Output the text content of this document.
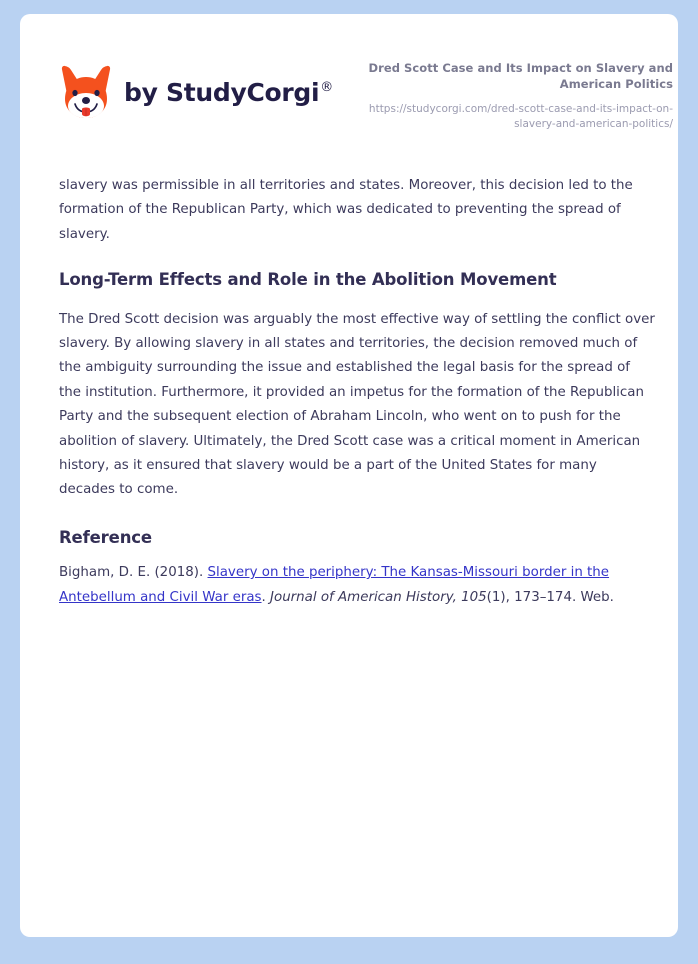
by StudyCorgi®
Dred Scott Case and Its Impact on Slavery and American Politics
https://studycorgi.com/dred-scott-case-and-its-impact-on-slavery-and-american-politics/

slavery was permissible in all territories and states. Moreover, this decision led to the formation of the Republican Party, which was dedicated to preventing the spread of slavery.

Long-Term Effects and Role in the Abolition Movement

The Dred Scott decision was arguably the most effective way of settling the conflict over slavery. By allowing slavery in all states and territories, the decision removed much of the ambiguity surrounding the issue and established the legal basis for the spread of the institution. Furthermore, it provided an impetus for the formation of the Republican Party and the subsequent election of Abraham Lincoln, who went on to push for the abolition of slavery. Ultimately, the Dred Scott case was a critical moment in American history, as it ensured that slavery would be a part of the United States for many decades to come.

Reference

Bigham, D. E. (2018). Slavery on the periphery: The Kansas-Missouri border in the Antebellum and Civil War eras. Journal of American History, 105(1), 173–174. Web.
